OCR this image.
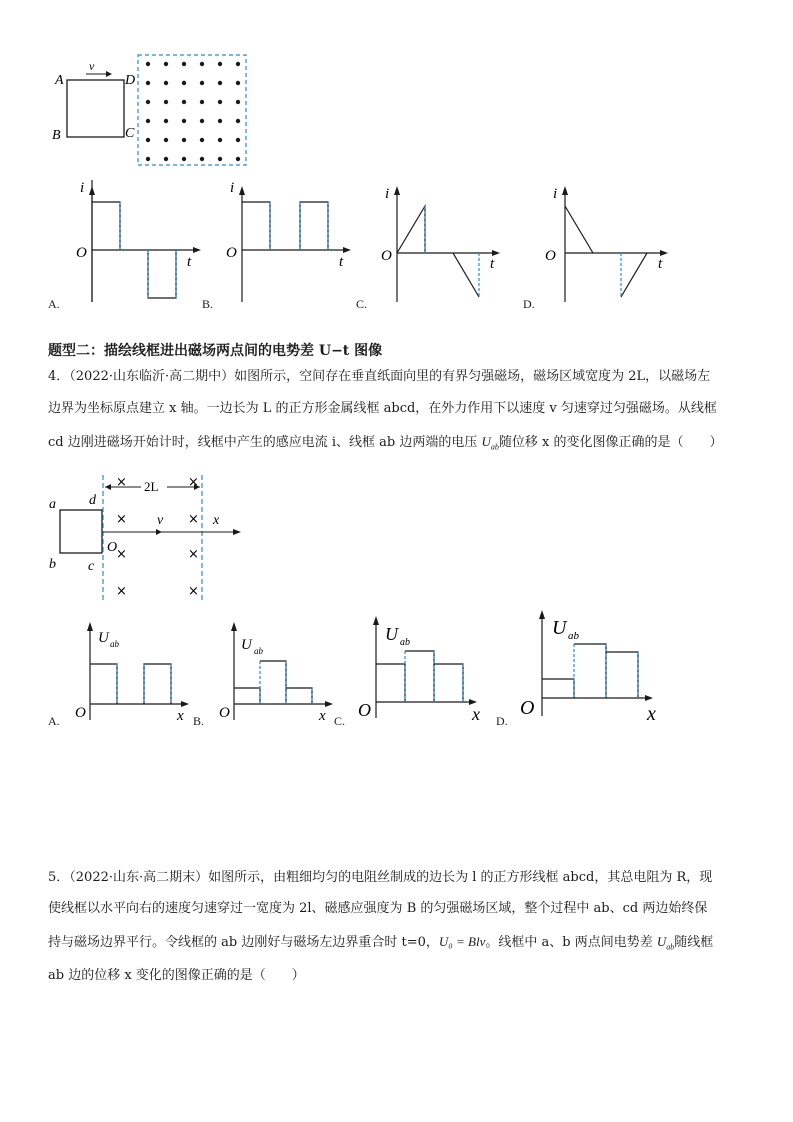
v
A
B	C
D
i
t
O
A.
i
t
O
B.
i
t
O
C.
i
t
O
D.
题型二：描绘线框进出磁场两点间的电势差 U−t 图像
4．（2022·山东临沂·高二期中）如图所示，空间存在垂直纸面向里的有界匀强磁场，磁场区域宽度为 2L，以磁场左
边界为坐标原点建立 x 轴。一边长为 L 的正方形金属线框 abcd，在外力作用下以速度 v 匀速穿过匀强磁场。从线框
cd 边刚进磁场开始计时，线框中产生的感应电流 i、线框 ab 边两端的电压 $U_{ab}$随位移 x 的变化图像正确的是（　　）
×	×
×	×
×	×
×	×
2L
v	x
O
a
b c
d
U ab
x
O
A.
U ab
x
O
B.
U ab
x
O
C.
U ab
x
O
D.
5．（2022·山东·高二期末）如图所示，由粗细均匀的电阻丝制成的边长为 l 的正方形线框 abcd，其总电阻为 R，现
使线框以水平向右的速度匀速穿过一宽度为 2l、磁感应强度为 B 的匀强磁场区域，整个过程中 ab、cd 两边始终保
持与磁场边界平行。令线框的 ab 边刚好与磁场左边界重合时 t=0，U₀ = Blv。线框中 a、b 两点间电势差 $U_{ab}$随线框
ab 边的位移 x 变化的图像正确的是（　　）
